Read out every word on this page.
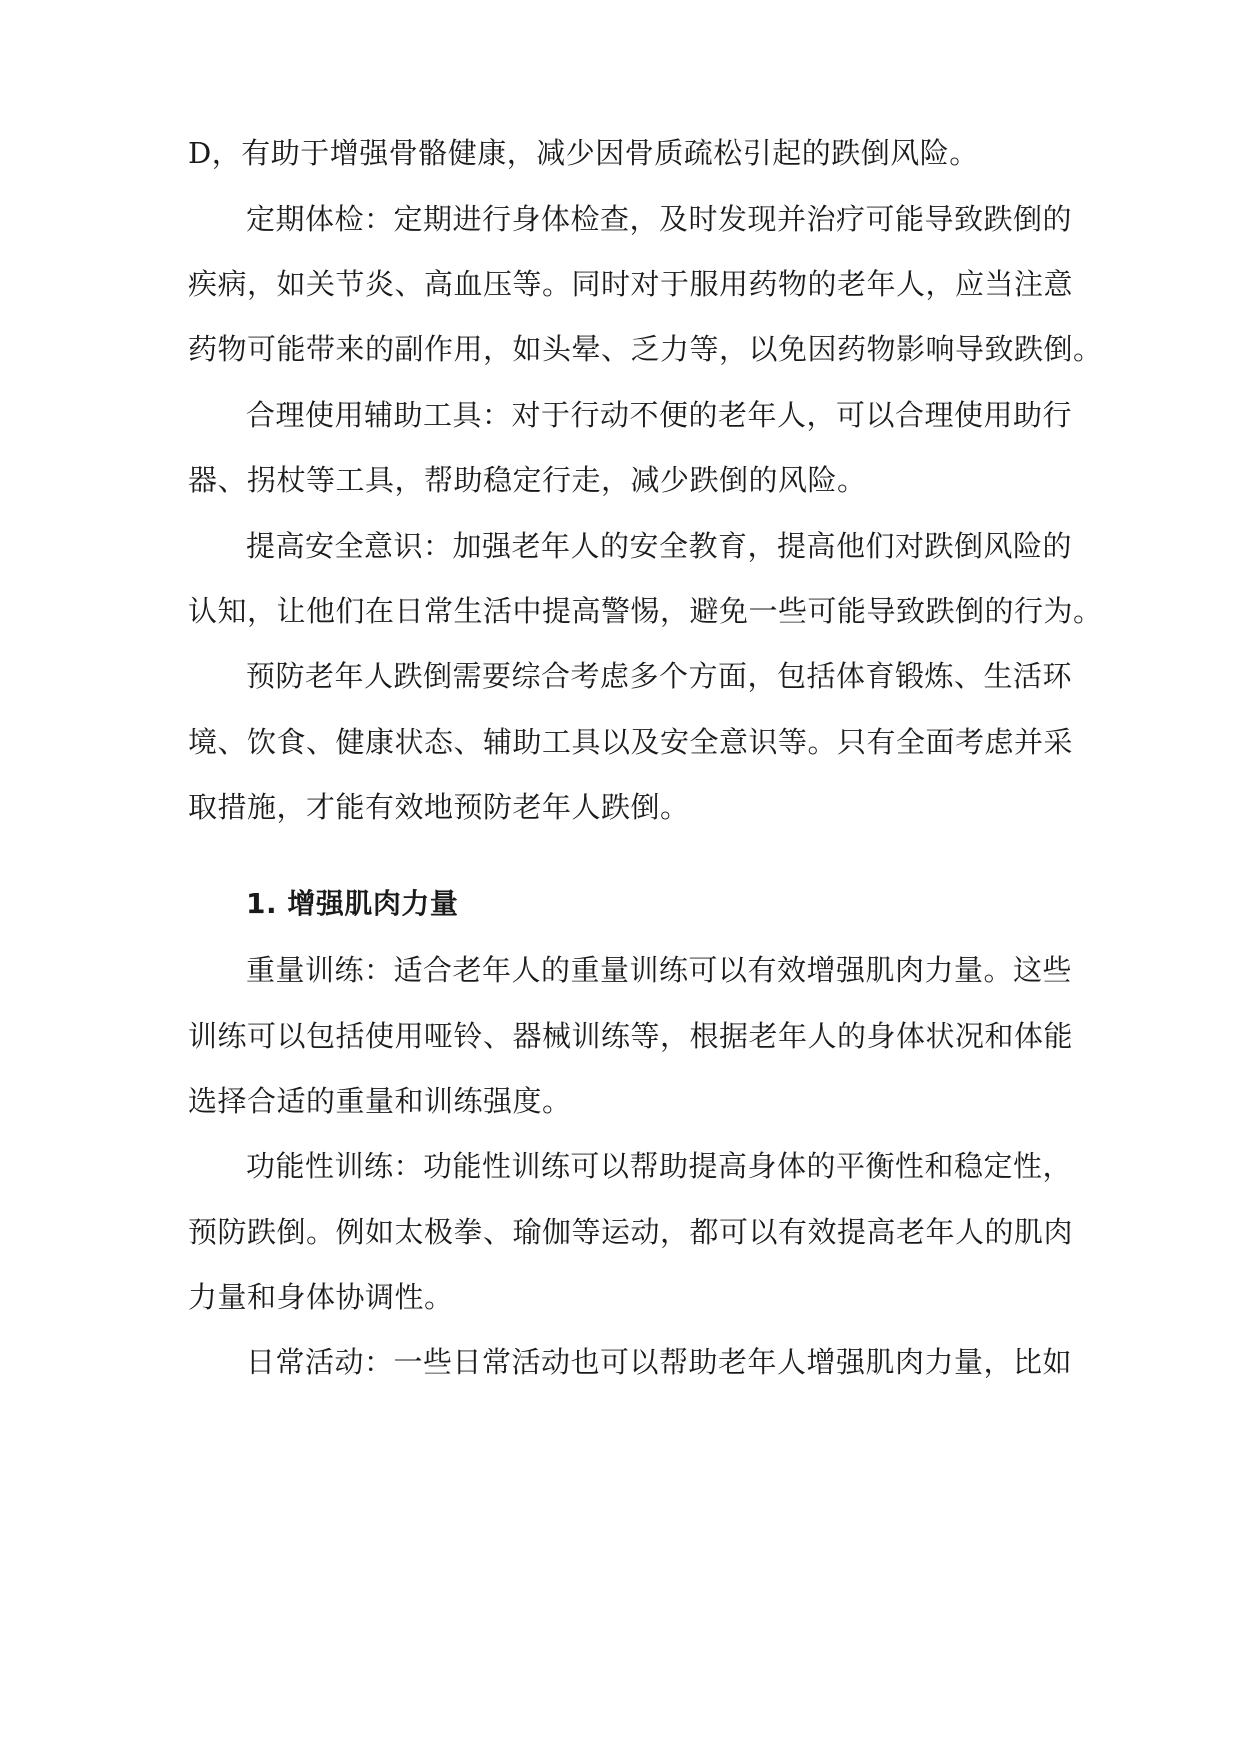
D，有助于增强骨骼健康，减少因骨质疏松引起的跌倒风险。
定期体检：定期进行身体检查，及时发现并治疗可能导致跌倒的
疾病，如关节炎、高血压等。同时对于服用药物的老年人，应当注意
药物可能带来的副作用，如头晕、乏力等，以免因药物影响导致跌倒。
合理使用辅助工具：对于行动不便的老年人，可以合理使用助行
器、拐杖等工具，帮助稳定行走，减少跌倒的风险。
提高安全意识：加强老年人的安全教育，提高他们对跌倒风险的
认知，让他们在日常生活中提高警惕，避免一些可能导致跌倒的行为。
预防老年人跌倒需要综合考虑多个方面，包括体育锻炼、生活环
境、饮食、健康状态、辅助工具以及安全意识等。只有全面考虑并采
取措施，才能有效地预防老年人跌倒。
1. 增强肌肉力量
重量训练：适合老年人的重量训练可以有效增强肌肉力量。这些
训练可以包括使用哑铃、器械训练等，根据老年人的身体状况和体能
选择合适的重量和训练强度。
功能性训练：功能性训练可以帮助提高身体的平衡性和稳定性，
预防跌倒。例如太极拳、瑜伽等运动，都可以有效提高老年人的肌肉
力量和身体协调性。
日常活动：一些日常活动也可以帮助老年人增强肌肉力量，比如
